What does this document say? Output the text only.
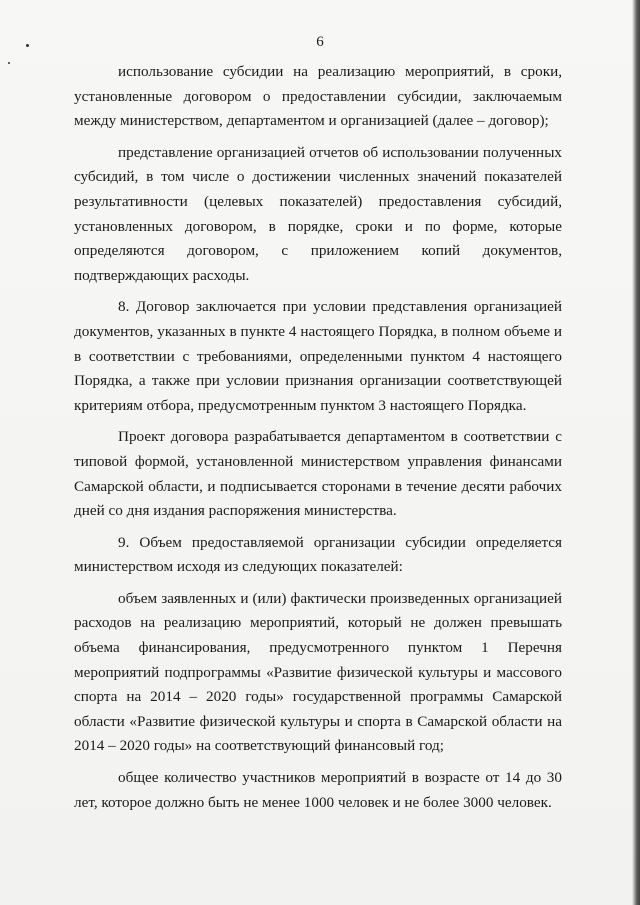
6

использование субсидии на реализацию мероприятий, в сроки, установленные договором о предоставлении субсидии, заключаемым между министерством, департаментом и организацией (далее – договор);

представление организацией отчетов об использовании полученных субсидий, в том числе о достижении численных значений показателей результативности (целевых показателей) предоставления субсидий, установленных договором, в порядке, сроки и по форме, которые определяются договором, с приложением копий документов, подтверждающих расходы.

8. Договор заключается при условии представления организацией документов, указанных в пункте 4 настоящего Порядка, в полном объеме и в соответствии с требованиями, определенными пунктом 4 настоящего Порядка, а также при условии признания организации соответствующей критериям отбора, предусмотренным пунктом 3 настоящего Порядка.

Проект договора разрабатывается департаментом в соответствии с типовой формой, установленной министерством управления финансами Самарской области, и подписывается сторонами в течение десяти рабочих дней со дня издания распоряжения министерства.

9. Объем предоставляемой организации субсидии определяется министерством исходя из следующих показателей:

объем заявленных и (или) фактически произведенных организацией расходов на реализацию мероприятий, который не должен превышать объема финансирования, предусмотренного пунктом 1 Перечня мероприятий подпрограммы «Развитие физической культуры и массового спорта на 2014 – 2020 годы» государственной программы Самарской области «Развитие физической культуры и спорта в Самарской области на 2014 – 2020 годы» на соответствующий финансовый год;

общее количество участников мероприятий в возрасте от 14 до 30 лет, которое должно быть не менее 1000 человек и не более 3000 человек.
